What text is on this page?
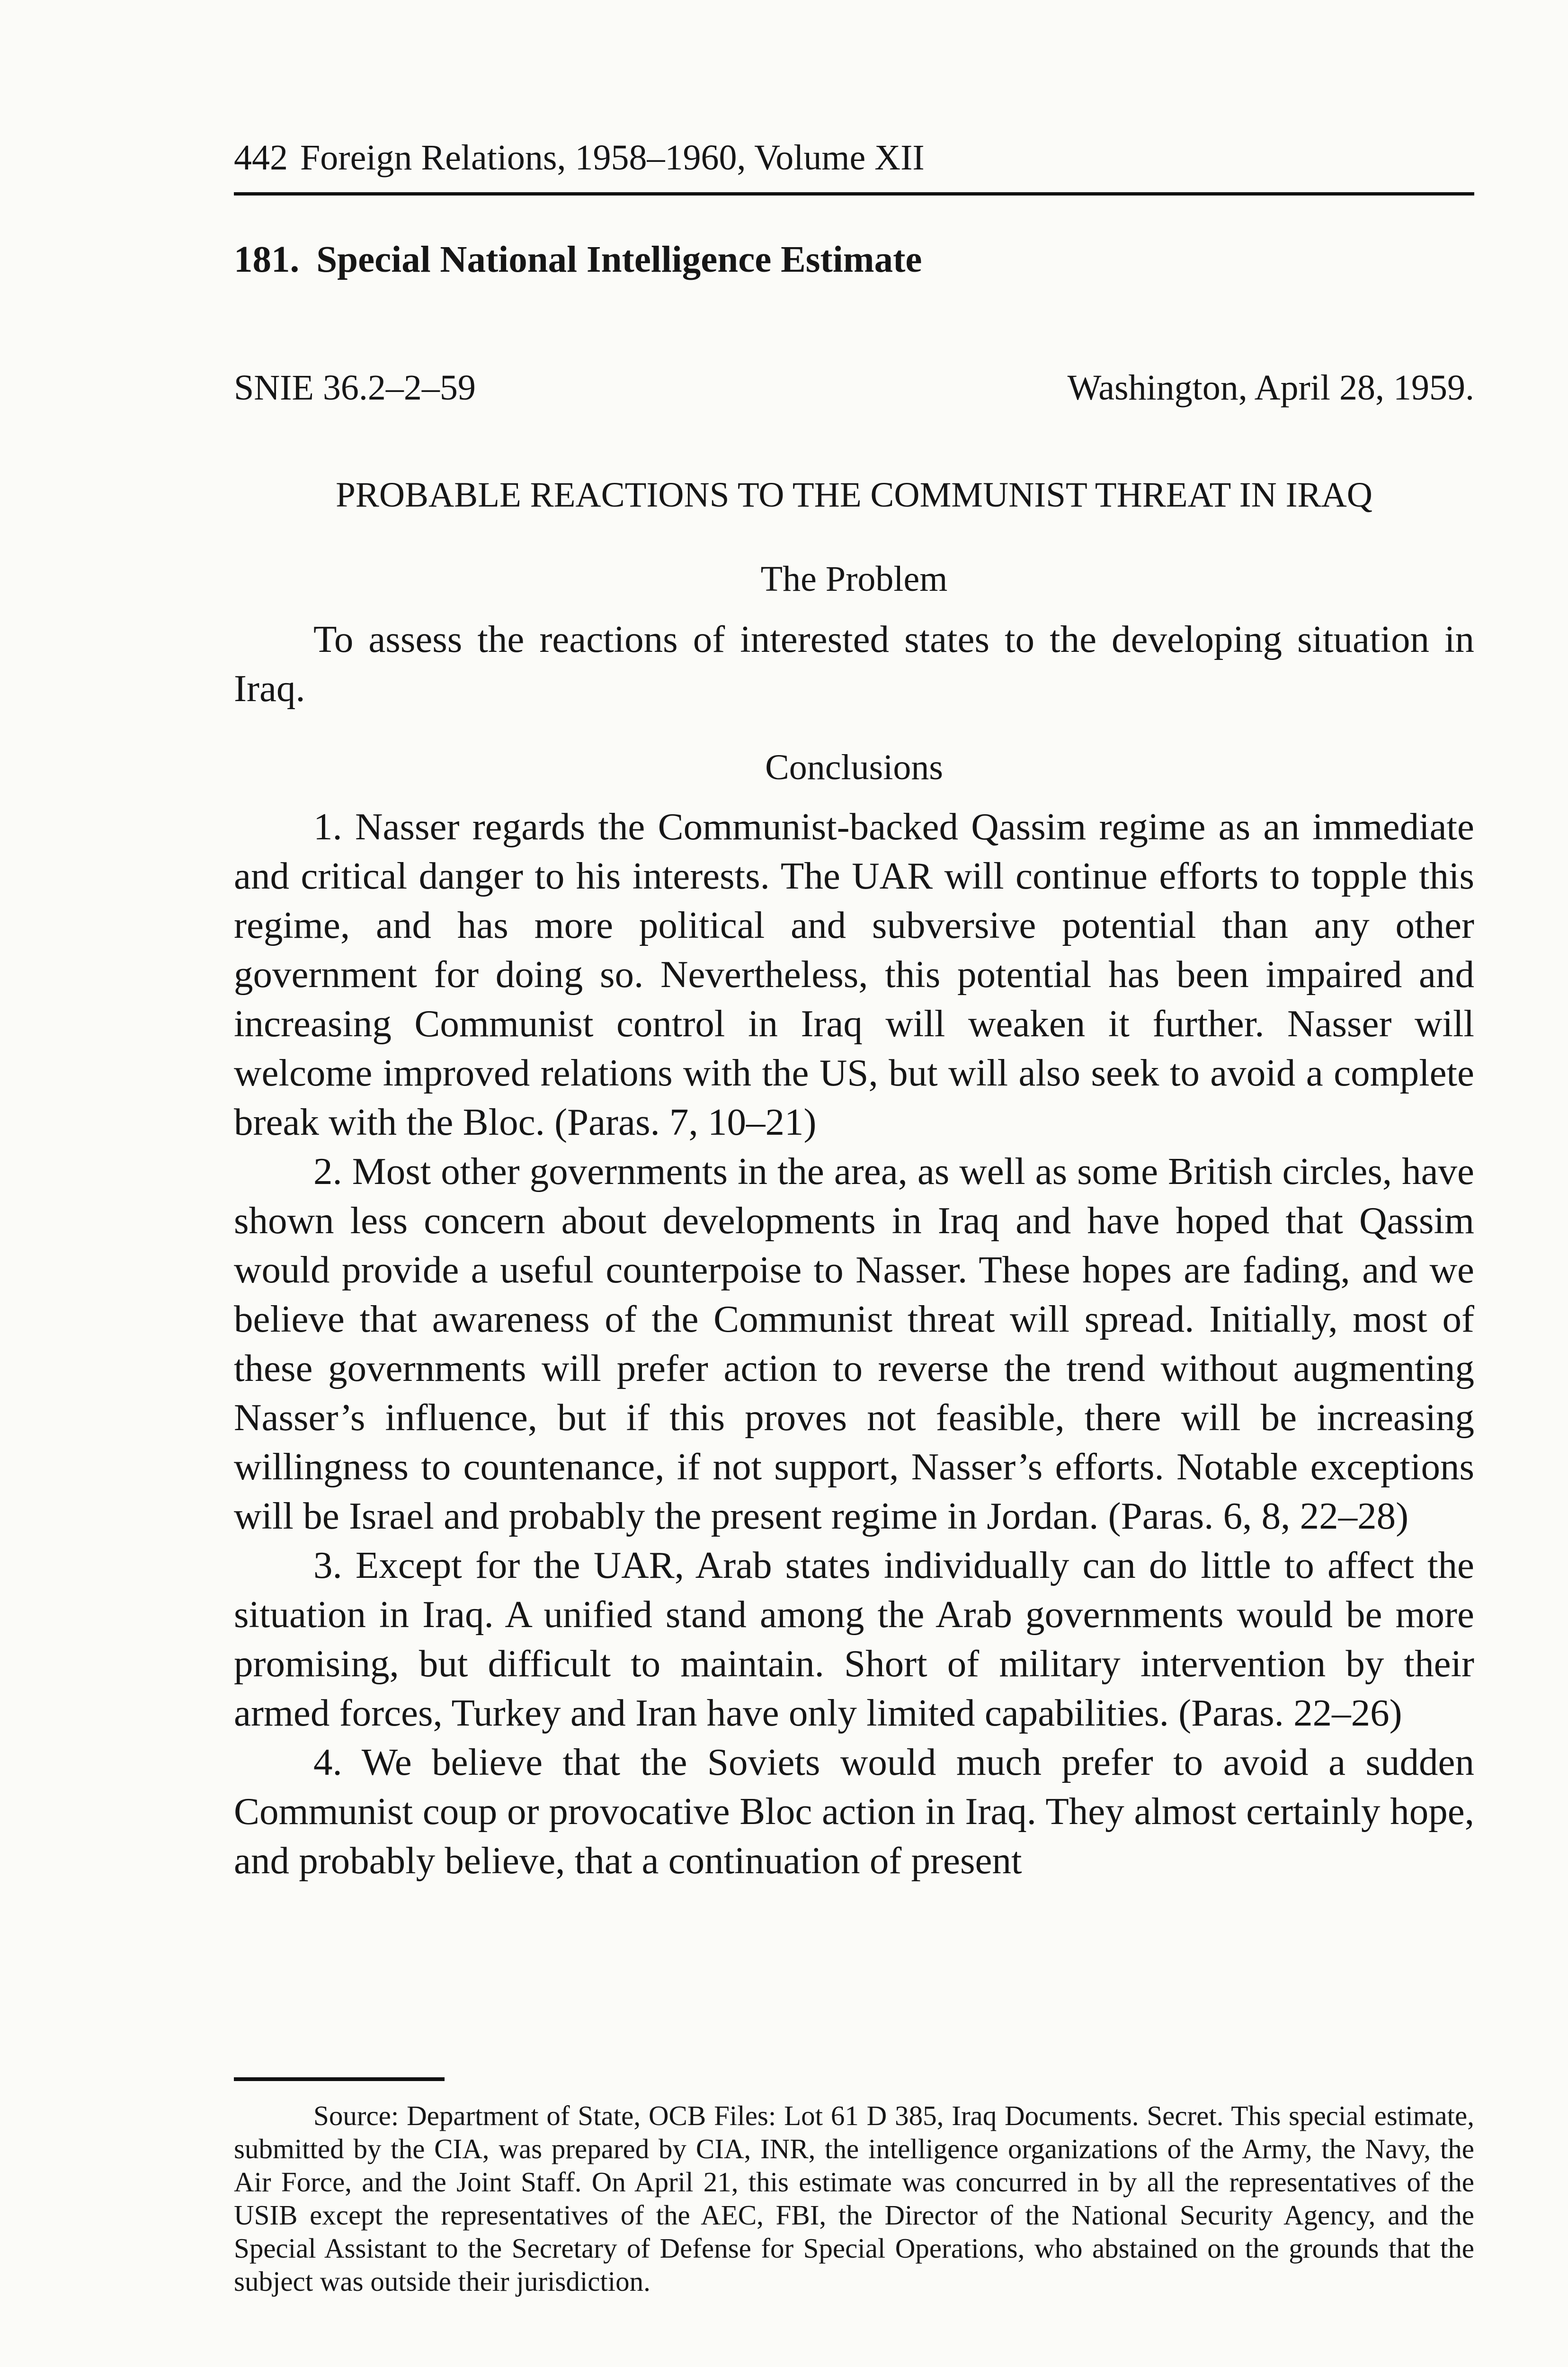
442 Foreign Relations, 1958–1960, Volume XII
181. Special National Intelligence Estimate
SNIE 36.2–2–59	Washington, April 28, 1959.
PROBABLE REACTIONS TO THE COMMUNIST THREAT IN IRAQ
The Problem

To assess the reactions of interested states to the developing situation in Iraq.

Conclusions

1. Nasser regards the Communist-backed Qassim regime as an immediate and critical danger to his interests. The UAR will continue efforts to topple this regime, and has more political and subversive potential than any other government for doing so. Nevertheless, this potential has been impaired and increasing Communist control in Iraq will weaken it further. Nasser will welcome improved relations with the US, but will also seek to avoid a complete break with the Bloc. (Paras. 7, 10–21)

2. Most other governments in the area, as well as some British circles, have shown less concern about developments in Iraq and have hoped that Qassim would provide a useful counterpoise to Nasser. These hopes are fading, and we believe that awareness of the Communist threat will spread. Initially, most of these governments will prefer action to reverse the trend without augmenting Nasser’s influence, but if this proves not feasible, there will be increasing willingness to countenance, if not support, Nasser’s efforts. Notable exceptions will be Israel and probably the present regime in Jordan. (Paras. 6, 8, 22–28)

3. Except for the UAR, Arab states individually can do little to affect the situation in Iraq. A unified stand among the Arab governments would be more promising, but difficult to maintain. Short of military intervention by their armed forces, Turkey and Iran have only limited capabilities. (Paras. 22–26)

4. We believe that the Soviets would much prefer to avoid a sudden Communist coup or provocative Bloc action in Iraq. They almost certainly hope, and probably believe, that a continuation of present

Source: Department of State, OCB Files: Lot 61 D 385, Iraq Documents. Secret. This special estimate, submitted by the CIA, was prepared by CIA, INR, the intelligence organizations of the Army, the Navy, the Air Force, and the Joint Staff. On April 21, this estimate was concurred in by all the representatives of the USIB except the representatives of the AEC, FBI, the Director of the National Security Agency, and the Special Assistant to the Secretary of Defense for Special Operations, who abstained on the grounds that the subject was outside their jurisdiction.
